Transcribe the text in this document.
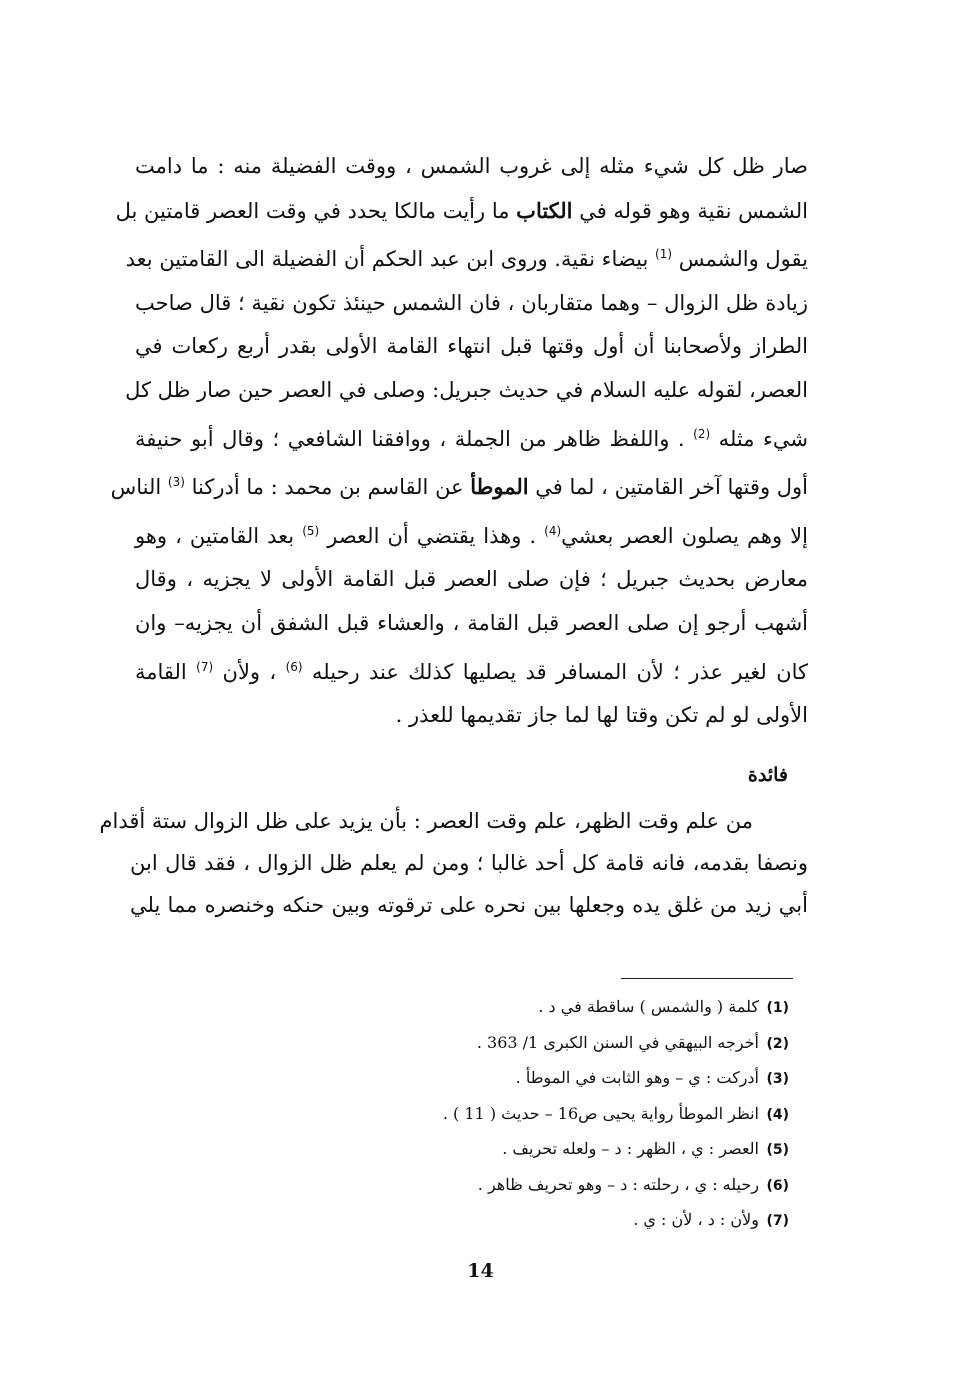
صار ظل كل شيء مثله إلى غروب الشمس ، ووقت الفضيلة منه : ما دامت
الشمس نقية وهو قوله في الكتاب ما رأيت مالكا يحدد في وقت العصر قامتين بل
يقول والشمس $^{(1)}$ بيضاء نقية. وروى ابن عبد الحكم أن الفضيلة الى القامتين بعد
زيادة ظل الزوال – وهما متقاربان ، فان الشمس حينئذ تكون نقية ؛ قال صاحب
الطراز ولأصحابنا أن أول وقتها قبل انتهاء القامة الأولى بقدر أربع ركعات في
العصر، لقوله عليه السلام في حديث جبريل: وصلى في العصر حين صار ظل كل
شيء مثله $^{(2)}$ . واللفظ ظاهر من الجملة ، ووافقنا الشافعي ؛ وقال أبو حنيفة
أول وقتها آخر القامتين ، لما في الموطأ عن القاسم بن محمد : ما أدركنا $^{(3)}$ الناس
إلا وهم يصلون العصر بعشي$^{(4)}$ . وهذا يقتضي أن العصر $^{(5)}$ بعد القامتين ، وهو
معارض بحديث جبريل ؛ فإن صلى العصر قبل القامة الأولى لا يجزيه ، وقال
أشهب أرجو إن صلى العصر قبل القامة ، والعشاء قبل الشفق أن يجزيه– وان
كان لغير عذر ؛ لأن المسافر قد يصليها كذلك عند رحيله $^{(6)}$ ، ولأن $^{(7)}$ القامة
الأولى لو لم تكن وقتا لها لما جاز تقديمها للعذر .
فائدة
من علم وقت الظهر، علم وقت العصر : بأن يزيد على ظل الزوال ستة أقدام
ونصفا بقدمه، فانه قامة كل أحد غالبا ؛ ومن لم يعلم ظل الزوال ، فقد قال ابن
أبي زيد من غلق يده وجعلها بين نحره على ترقوته وبين حنكه وخنصره مما يلي
(1)كلمة ( والشمس ) ساقطة في د .
(2)أخرجه البيهقي في السنن الكبرى 1/ 363 .
(3)أدركت : ي – وهو الثابت في الموطأ .
(4)انظر الموطأ رواية يحيى ص16 – حديث ( 11 ) .
(5)العصر : ي ، الظهر : د – ولعله تحريف .
(6)رحيله : ي ، رحلته : د – وهو تحريف ظاهر .
(7)ولأن : د ، لأن : ي .
14
